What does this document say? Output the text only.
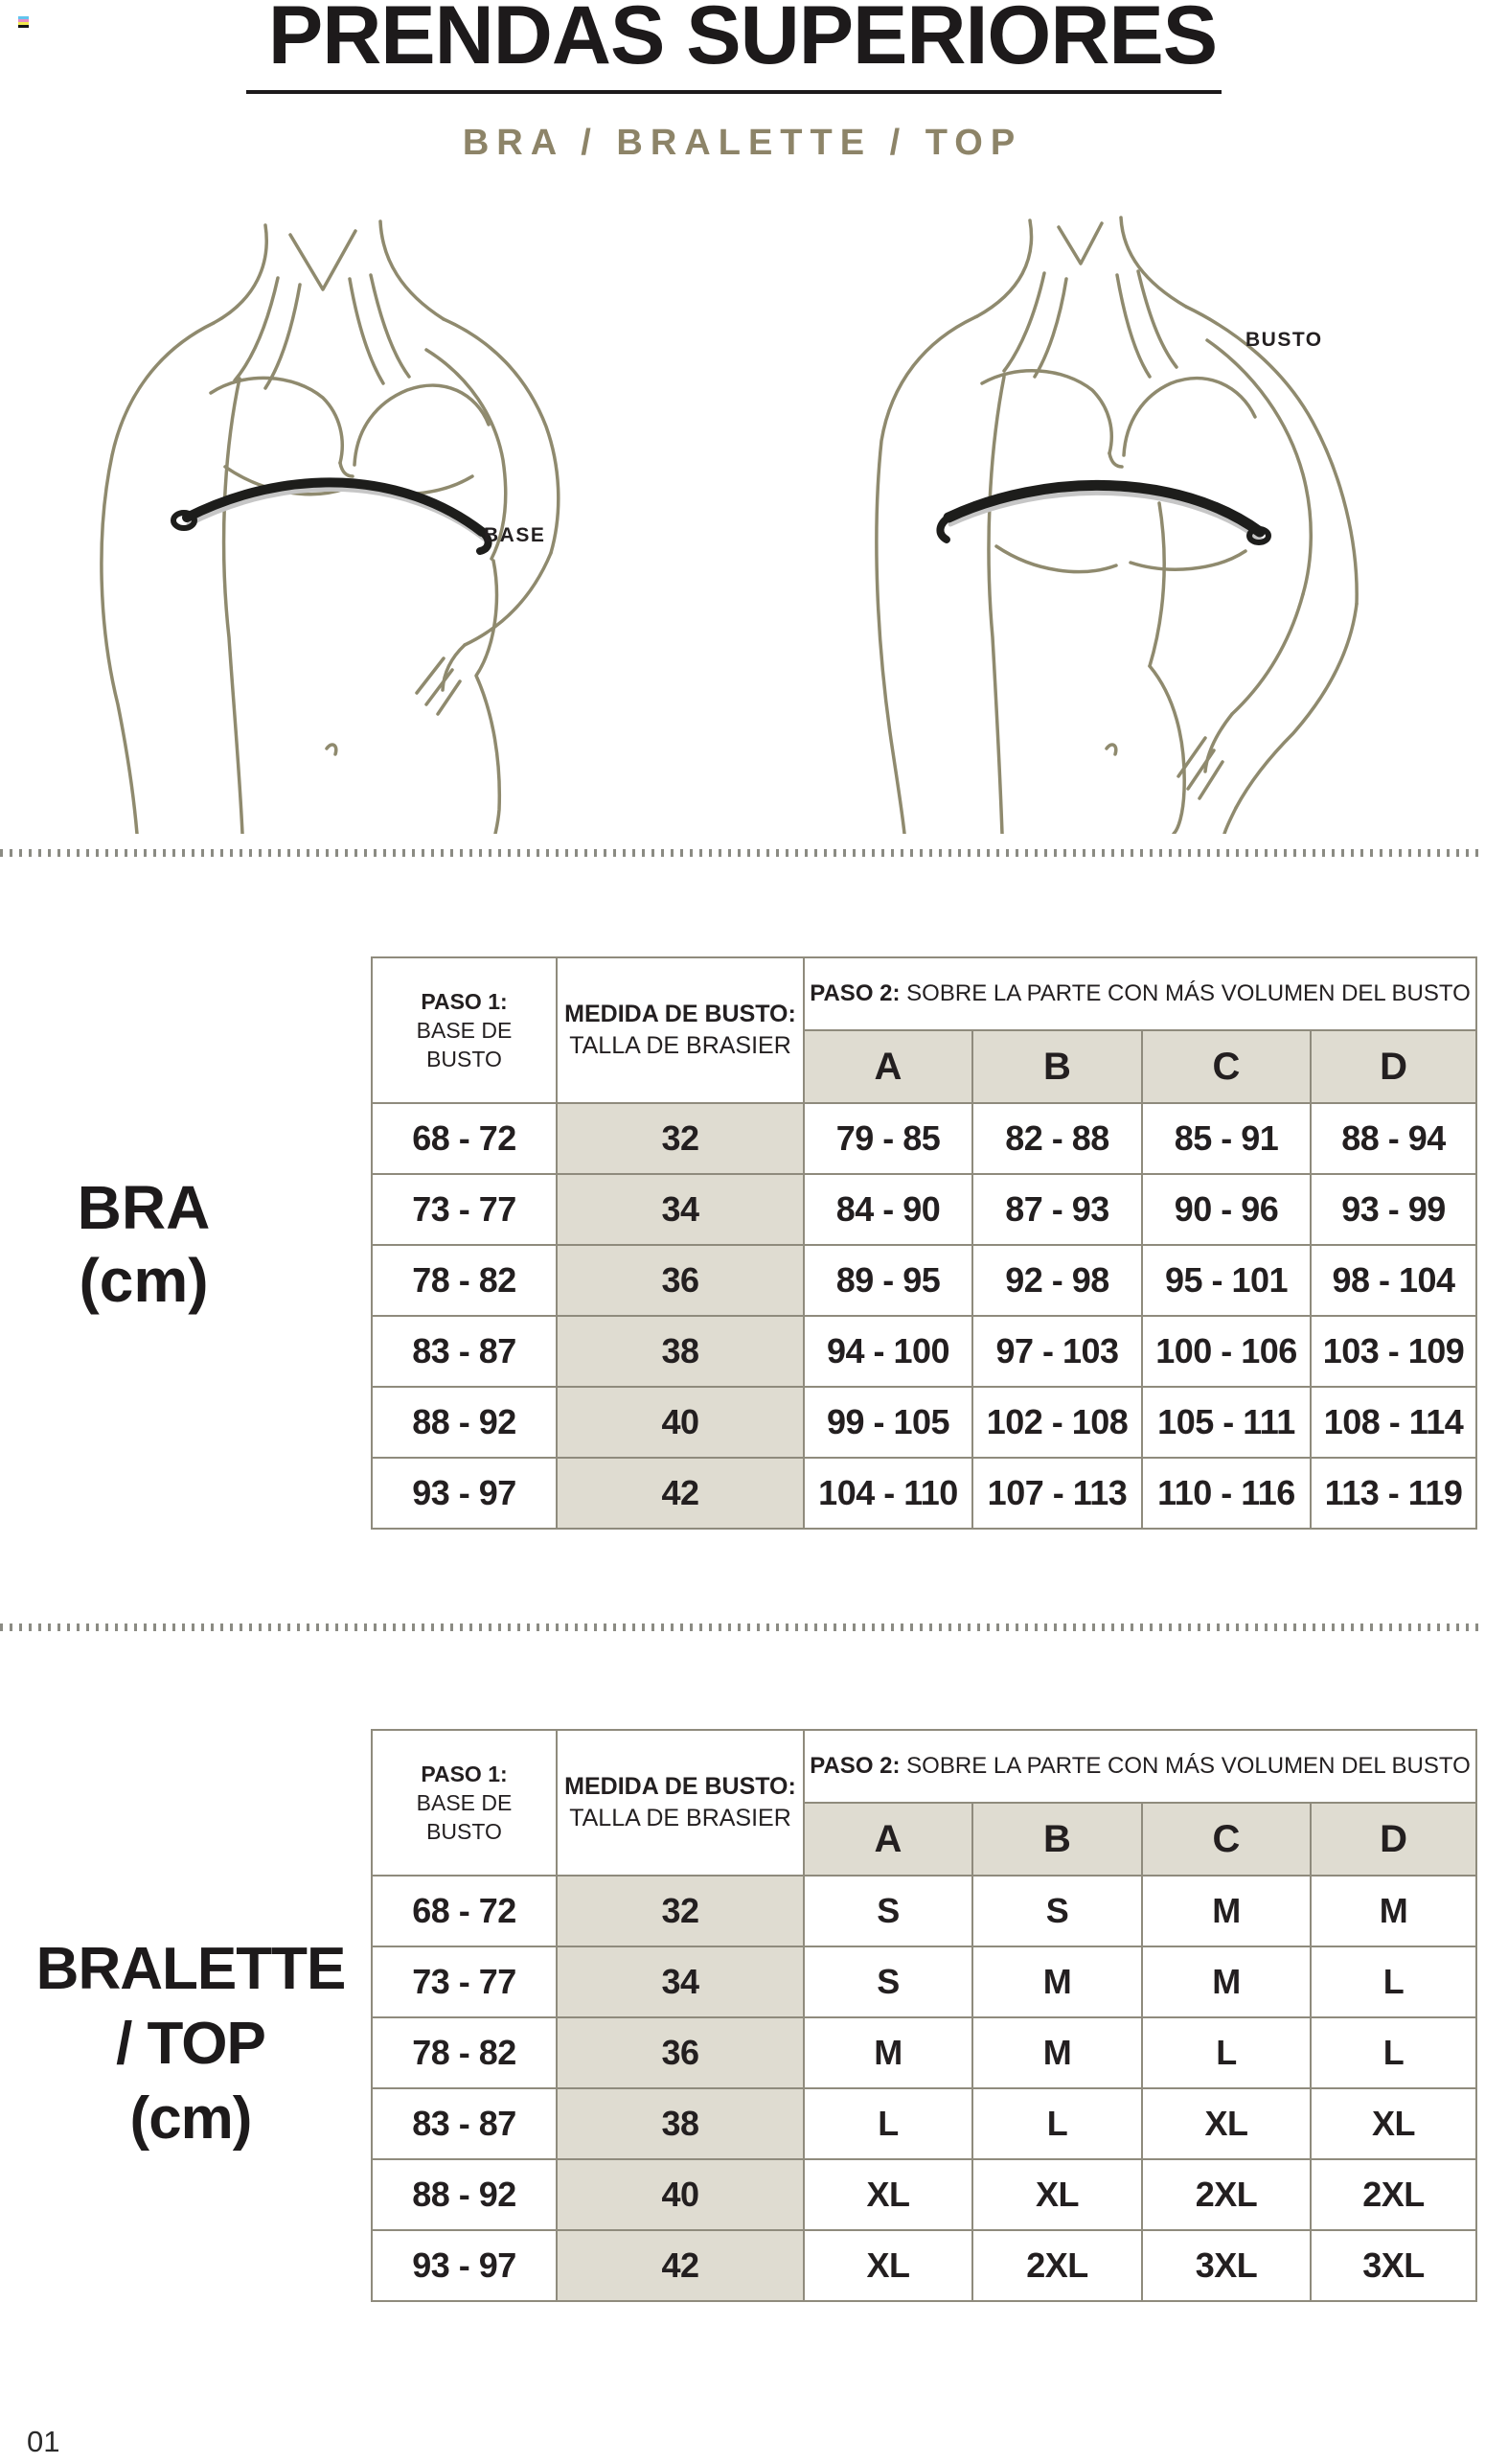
PRENDAS SUPERIORES
BRA / BRALETTE / TOP
BASE
BUSTO
BRA
(cm)
PASO 1:
BASE DE
BUSTO	MEDIDA DE BUSTO:
TALLA DE BRASIER	PASO 2: SOBRE LA PARTE CON MÁS VOLUMEN DEL BUSTO			
		A	B	C	D
68 - 72	32	79 - 85	82 - 88	85 - 91	88 - 94
73 - 77	34	84 - 90	87 - 93	90 - 96	93 - 99
78 - 82	36	89 - 95	92 - 98	95 - 101	98 - 104
83 - 87	38	94 - 100	97 - 103	100 - 106	103 - 109
88 - 92	40	99 - 105	102 - 108	105 - 111	108 - 114
93 - 97	42	104 - 110	107 - 113	110 - 116	113 - 119
BRALETTE
/ TOP
(cm)
PASO 1:
BASE DE
BUSTO	MEDIDA DE BUSTO:
TALLA DE BRASIER	PASO 2: SOBRE LA PARTE CON MÁS VOLUMEN DEL BUSTO			
		A	B	C	D
68 - 72	32	S	S	M	M
73 - 77	34	S	M	M	L
78 - 82	36	M	M	L	L
83 - 87	38	L	L	XL	XL
88 - 92	40	XL	XL	2XL	2XL
93 - 97	42	XL	2XL	3XL	3XL
01
